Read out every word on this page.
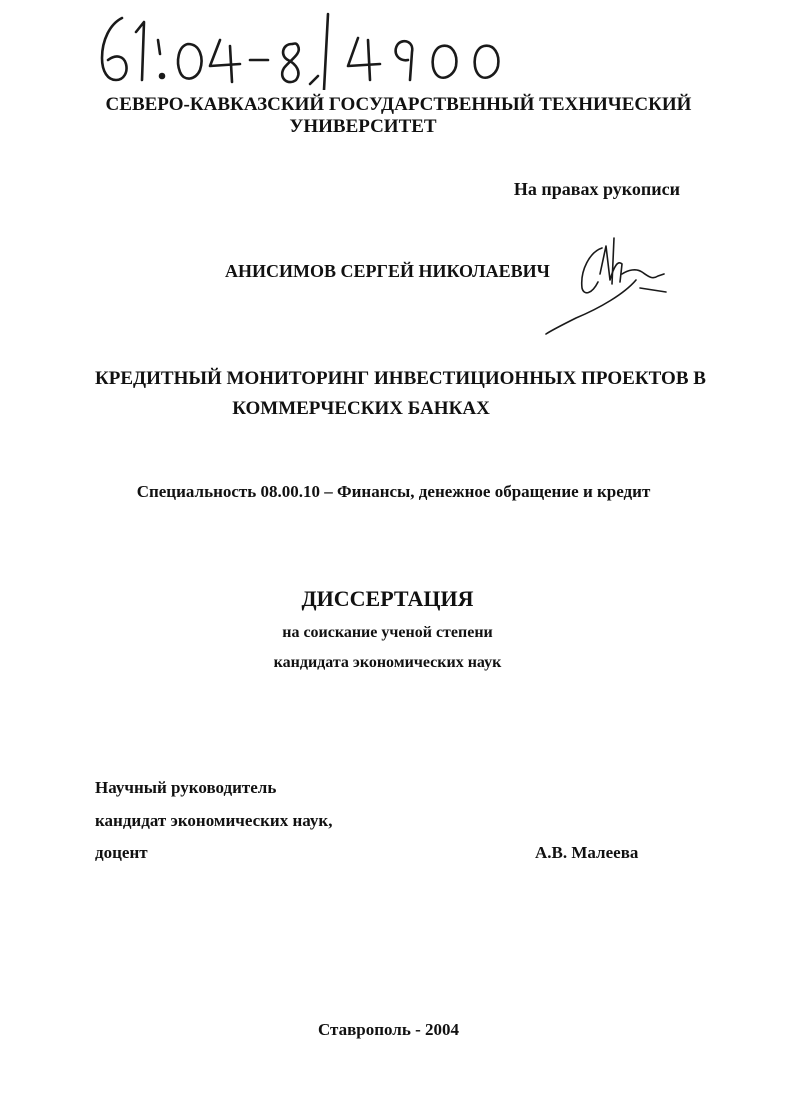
СЕВЕРО-КАВКАЗСКИЙ ГОСУДАРСТВЕННЫЙ ТЕХНИЧЕСКИЙ
УНИВЕРСИТЕТ
На правах рукописи
АНИСИМОВ СЕРГЕЙ НИКОЛАЕВИЧ
КРЕДИТНЫЙ МОНИТОРИНГ ИНВЕСТИЦИОННЫХ ПРОЕКТОВ В
КОММЕРЧЕСКИХ БАНКАХ
Специальность 08.00.10 – Финансы, денежное обращение и кредит
ДИССЕРТАЦИЯ
на соискание ученой степени
кандидата экономических наук
Научный руководитель
кандидат экономических наук,
доцент	А.В. Малеева
Ставрополь - 2004
